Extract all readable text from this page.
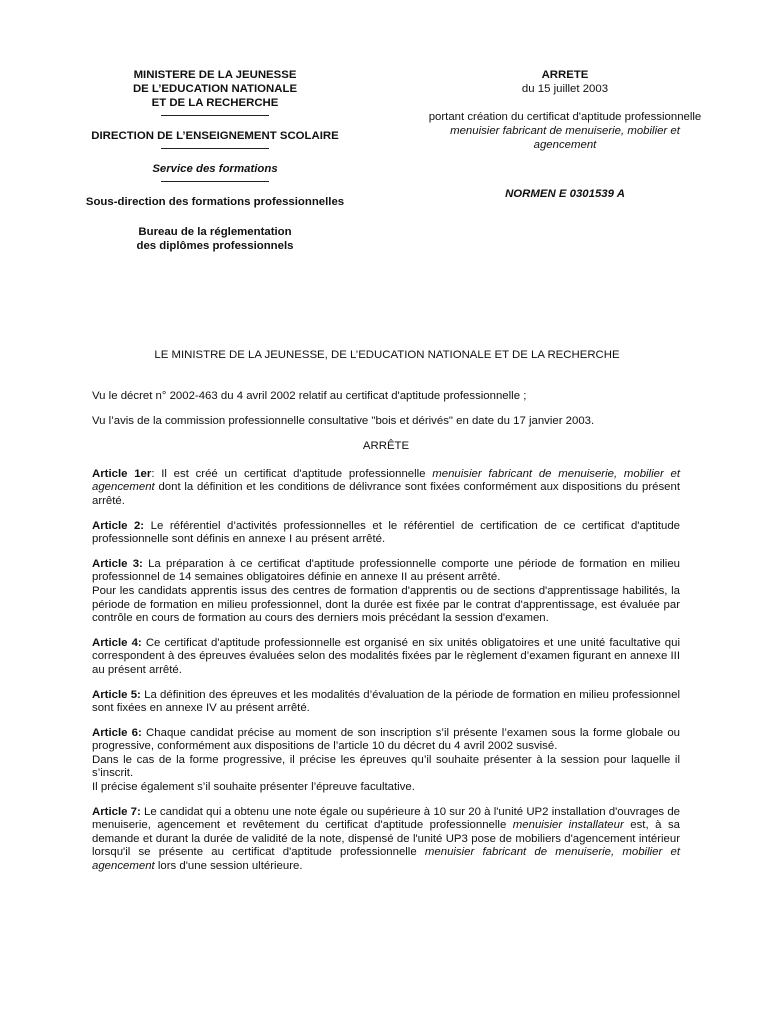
MINISTERE DE LA JEUNESSE
DE L’EDUCATION NATIONALE
ET DE LA RECHERCHE
DIRECTION DE L’ENSEIGNEMENT SCOLAIRE
Service des formations
Sous-direction des formations professionnelles
Bureau de la réglementation
des diplômes professionnels
ARRETE
du 15 juillet 2003
portant création du certificat d'aptitude professionnelle
menuisier fabricant de menuiserie, mobilier et
agencement
NORMEN E 0301539 A
LE MINISTRE DE LA JEUNESSE, DE L’EDUCATION NATIONALE ET DE LA RECHERCHE

Vu le décret n° 2002-463 du 4 avril 2002 relatif au certificat d'aptitude professionnelle ;

Vu l’avis de la commission professionnelle consultative "bois et dérivés" en date du 17 janvier 2003.

ARRÊTE

Article 1er: Il est créé un certificat d'aptitude professionnelle menuisier fabricant de menuiserie, mobilier et agencement dont la définition et les conditions de délivrance sont fixées conformément aux dispositions du présent arrêté.

Article 2: Le référentiel d’activités professionnelles et le référentiel de certification de ce certificat d'aptitude professionnelle sont définis en annexe I au présent arrêté.

Article 3: La préparation à ce certificat d'aptitude professionnelle comporte une période de formation en milieu professionnel de 14 semaines obligatoires définie en annexe II au présent arrêté.
Pour les candidats apprentis issus des centres de formation d'apprentis ou de sections d'apprentissage habilités, la période de formation en milieu professionnel, dont la durée est fixée par le contrat d'apprentissage, est évaluée par contrôle en cours de formation au cours des derniers mois précédant la session d'examen.

Article 4: Ce certificat d'aptitude professionnelle est organisé en six unités obligatoires et une unité facultative qui correspondent à des épreuves évaluées selon des modalités fixées par le règlement d’examen figurant en annexe III au présent arrêté.

Article 5: La définition des épreuves et les modalités d’évaluation de la période de formation en milieu professionnel sont fixées en annexe IV au présent arrêté.

Article 6: Chaque candidat précise au moment de son inscription s’il présente l’examen sous la forme globale ou progressive, conformément aux dispositions de l’article 10 du décret du 4 avril 2002 susvisé.
Dans le cas de la forme progressive, il précise les épreuves qu’il souhaite présenter à la session pour laquelle il s’inscrit.
Il précise également s’il souhaite présenter l’épreuve facultative.

Article 7: Le candidat qui a obtenu une note égale ou supérieure à 10 sur 20 à l'unité UP2 installation d'ouvrages de menuiserie, agencement et revêtement du certificat d'aptitude professionnelle menuisier installateur est, à sa demande et durant la durée de validité de la note, dispensé de l'unité UP3 pose de mobiliers d'agencement intérieur lorsqu'il se présente au certificat d'aptitude professionnelle menuisier fabricant de menuiserie, mobilier et agencement lors d'une session ultérieure.
